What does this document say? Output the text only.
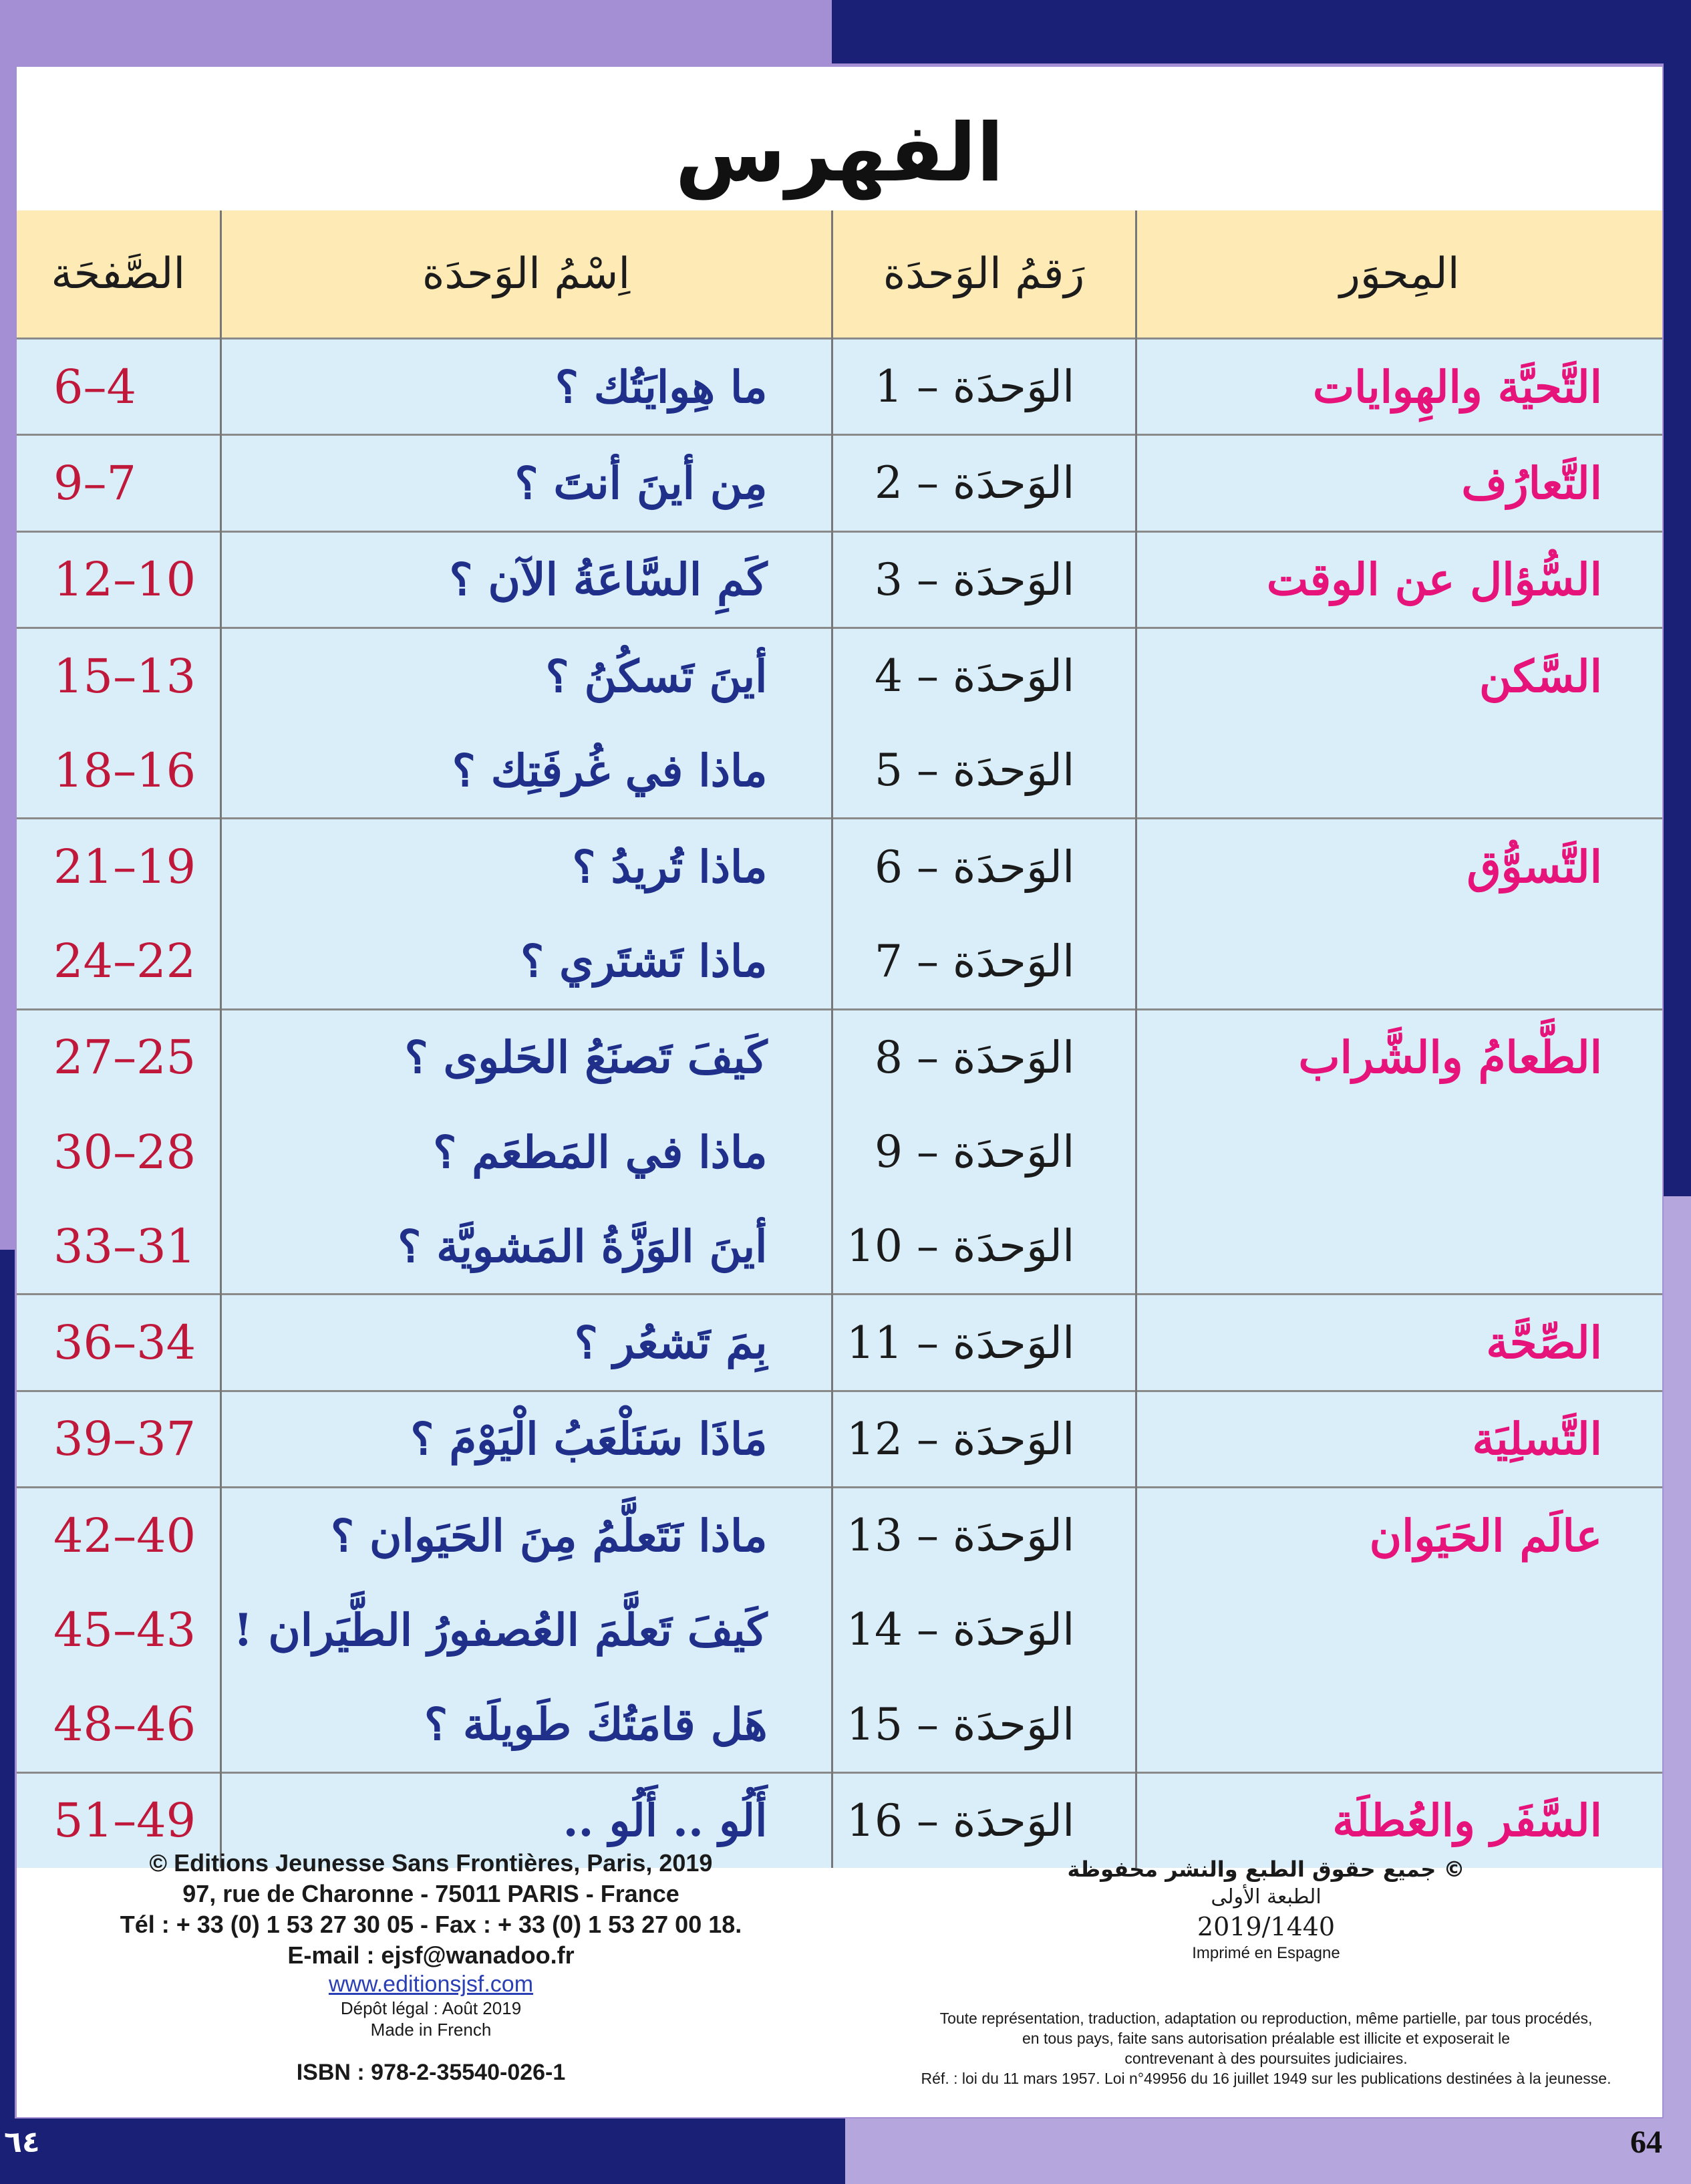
الفهرس
المِحوَر	رَقمُ الوَحدَة	اِسْمُ الوَحدَة	الصَّفحَة
التَّحيَّة والهِوايات	الوَحدَة – 1	ما هِوايَتُك ؟	6–4
التَّعارُف	الوَحدَة – 2	مِن أينَ أنتَ ؟	9–7
السُّؤال عن الوقت	الوَحدَة – 3	كَمِ السَّاعَةُ الآن ؟	12–10
السَّكن	الوَحدَة – 4	أينَ تَسكُنُ ؟	15–13
	الوَحدَة – 5	ماذا في غُرفَتِك ؟	18–16
التَّسوُّق	الوَحدَة – 6	ماذا تُريدُ ؟	21–19
	الوَحدَة – 7	ماذا تَشتَري ؟	24–22
الطَّعامُ والشَّراب	الوَحدَة – 8	كَيفَ تَصنَعُ الحَلوى ؟	27–25
	الوَحدَة – 9	ماذا في المَطعَم ؟	30–28
	الوَحدَة – 10	أينَ الوَزَّةُ المَشويَّة ؟	33–31
الصِّحَّة	الوَحدَة – 11	بِمَ تَشعُر ؟	36–34
التَّسلِيَة	الوَحدَة – 12	مَاذَا سَنَلْعَبُ الْيَوْمَ ؟	39–37
عالَم الحَيَوان	الوَحدَة – 13	ماذا نَتَعلَّمُ مِنَ الحَيَوان ؟	42–40
	الوَحدَة – 14	كَيفَ تَعلَّمَ العُصفورُ الطَّيَران !	45–43
	الوَحدَة – 15	هَل قامَتُكَ طَويلَة ؟	48–46
السَّفَر والعُطلَة	الوَحدَة – 16	أَلُو .. أَلُو ..	51–49
© Editions Jeunesse Sans Frontières, Paris, 2019
97, rue de Charonne - 75011 PARIS - France
Tél : + 33 (0) 1 53 27 30 05 - Fax : + 33 (0) 1 53 27 00 18.
E-mail : ejsf@wanadoo.fr
www.editionsjsf.com
Dépôt légal : Août 2019
Made in French
ISBN : 978-2-35540-026-1
© جميع حقوق الطبع والنشر محفوظة
الطبعة الأولى
2019/1440
Imprimé en Espagne
Toute représentation, traduction, adaptation ou reproduction, même partielle, par tous procédés,
en tous pays, faite sans autorisation préalable est illicite et exposerait le
contrevenant à des poursuites judiciaires.
Réf. : loi du 11 mars 1957. Loi n°49956 du 16 juillet 1949 sur les publications destinées à la jeunesse.
٦٤	64
